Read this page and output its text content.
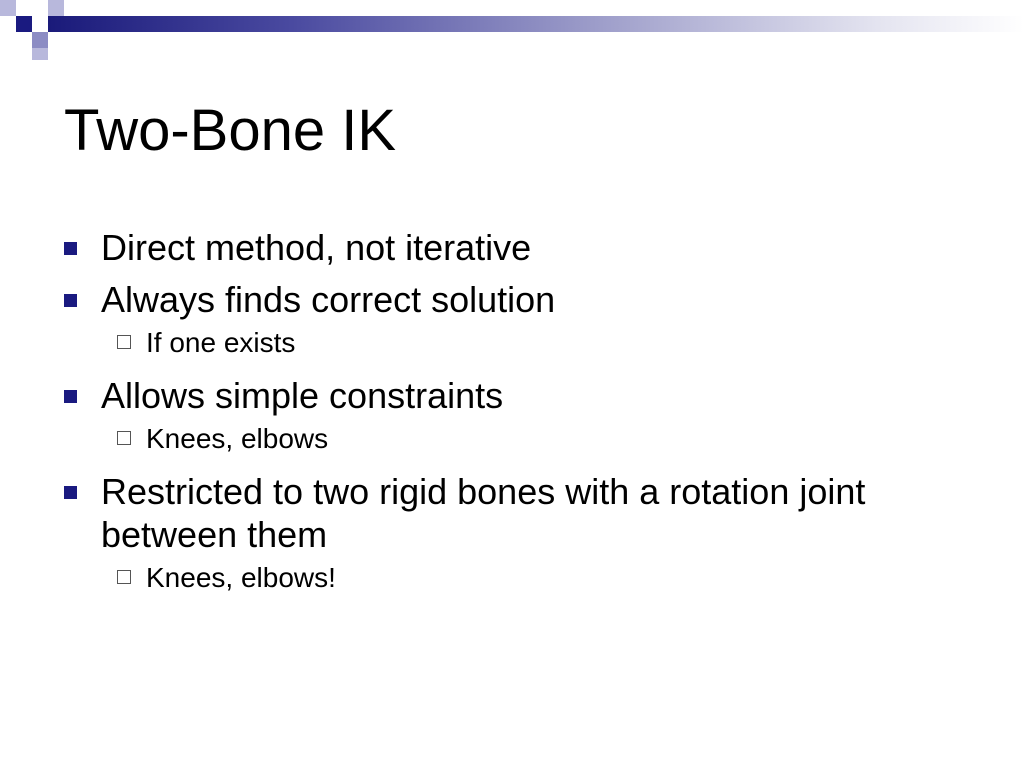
Two-Bone IK
Direct method, not iterative
Always finds correct solution
If one exists
Allows simple constraints
Knees, elbows
Restricted to two rigid bones with a rotation joint between them
Knees, elbows!
